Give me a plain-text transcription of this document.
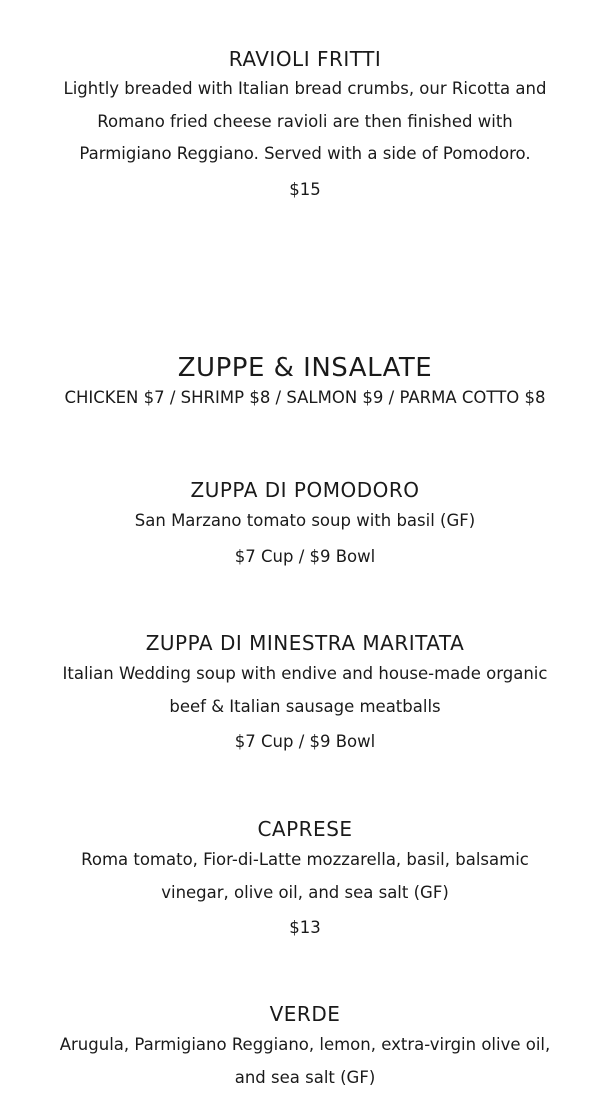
RAVIOLI FRITTI

Lightly breaded with Italian bread crumbs, our Ricotta and

Romano fried cheese ravioli are then finished with

Parmigiano Reggiano. Served with a side of Pomodoro.

$15

ZUPPE & INSALATE

CHICKEN $7 / SHRIMP $8 / SALMON $9 / PARMA COTTO $8

ZUPPA DI POMODORO

San Marzano tomato soup with basil (GF)

$7 Cup / $9 Bowl

ZUPPA DI MINESTRA MARITATA

Italian Wedding soup with endive and house-made organic

beef & Italian sausage meatballs

$7 Cup / $9 Bowl

CAPRESE

Roma tomato, Fior-di-Latte mozzarella, basil, balsamic

vinegar, olive oil, and sea salt (GF)

$13

VERDE

Arugula, Parmigiano Reggiano, lemon, extra-virgin olive oil,

and sea salt (GF)
